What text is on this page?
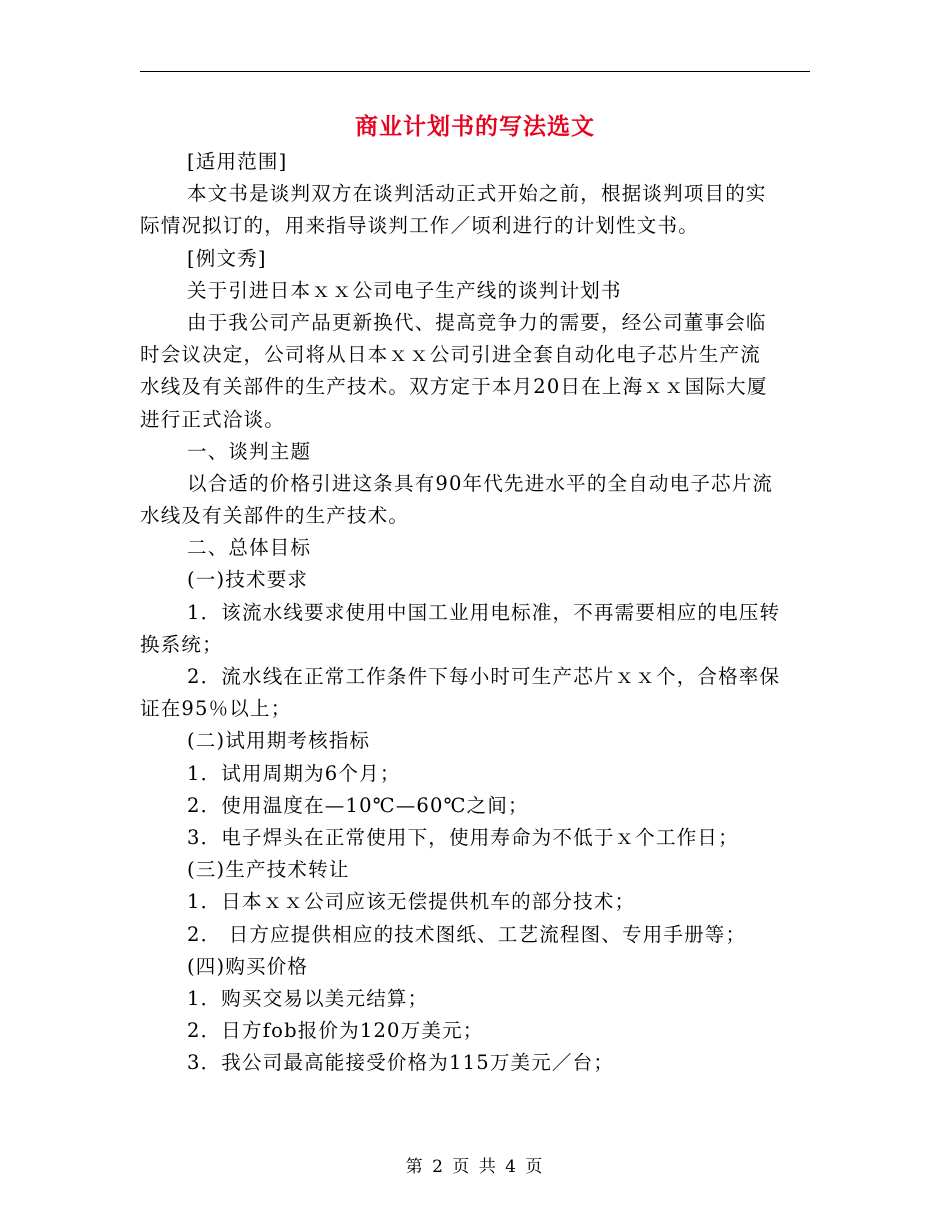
商业计划书的写法选文
[适用范围]
本文书是谈判双方在谈判活动正式开始之前，根据谈判项目的实
际情况拟订的，用来指导谈判工作／顷利进行的计划性文书。
[例文秀]
关于引进日本ｘｘ公司电子生产线的谈判计划书
由于我公司产品更新换代、提高竞争力的需要，经公司董事会临
时会议决定，公司将从日本ｘｘ公司引进全套自动化电子芯片生产流
水线及有关部件的生产技术。双方定于本月20日在上海ｘｘ国际大厦
进行正式洽谈。
一、谈判主题
以合适的价格引进这条具有90年代先进水平的全自动电子芯片流
水线及有关部件的生产技术。
二、总体目标
(一)技术要求
1．该流水线要求使用中国工业用电标准，不再需要相应的电压转
换系统；
2．流水线在正常工作条件下每小时可生产芯片ｘｘ个，合格率保
证在95％以上；
(二)试用期考核指标
1．试用周期为6个月；
2．使用温度在—10℃—60℃之间；
3．电子焊头在正常使用下，使用寿命为不低于ｘ个工作日；
(三)生产技术转让
1．日本ｘｘ公司应该无偿提供机车的部分技术；
2． 日方应提供相应的技术图纸、工艺流程图、专用手册等；
(四)购买价格
1．购买交易以美元结算；
2．日方fob报价为120万美元；
3．我公司最高能接受价格为115万美元／台；
第 2 页 共 4 页
